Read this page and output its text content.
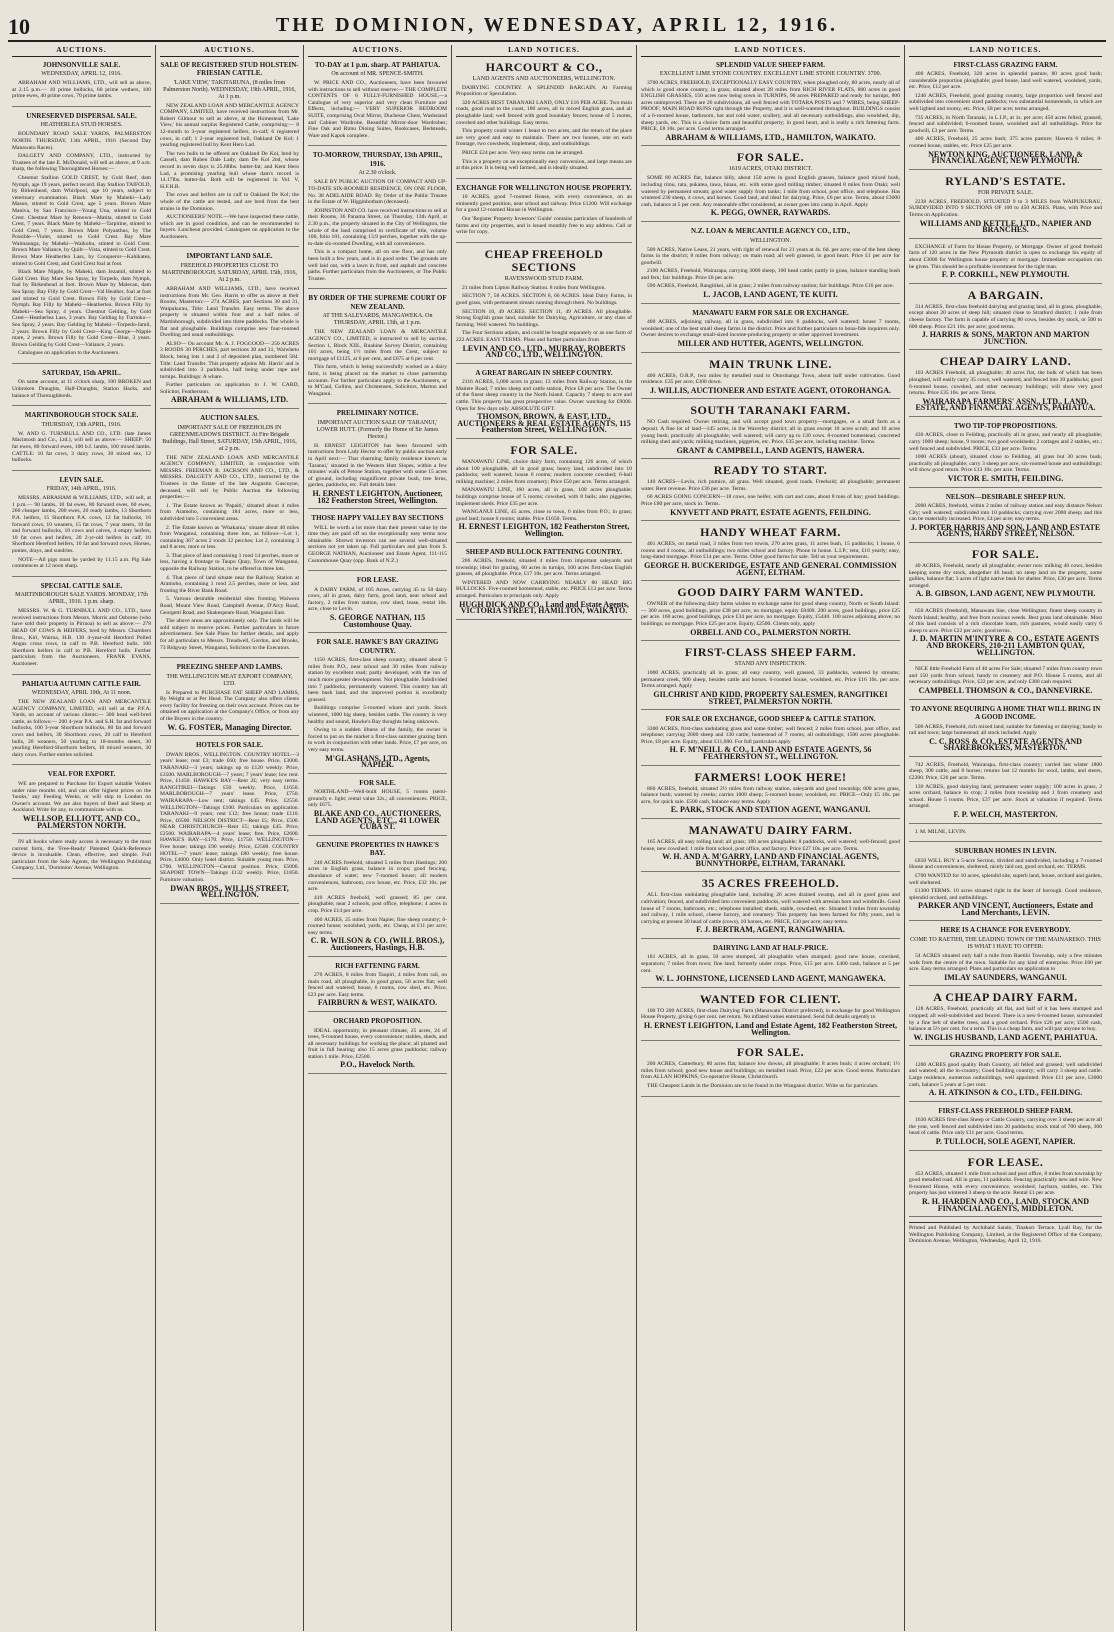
10	THE DOMINION, WEDNESDAY, APRIL 12, 1916.
AUCTIONS.
JOHNSONVILLE SALE.
WEDNESDAY, APRIL 12, 1916.

ABRAHAM AND WILLIAMS, LTD., will sell as above, at 2.15 p.m.— 10 prime bullocks, 60 prime wethers, 100 prime ewes, 40 prime cows, 70 prime lambs.

UNRESERVED DISPERSAL SALE.
HEATHERLEA STUD HORSES.

BOUNDARY ROAD SALE YARDS, PALMERSTON NORTH. THURSDAY, 13th APRIL, 1916 (Second Day Manawatu Races).

DALGETY AND COMPANY, LTD., instructed by Trustees of the late E. McDonald, will sell as above, at 9 a.m. sharp, the following Thoroughbred Horses:—

Chestnut Stallion GOLD CREST, by Gold Reef, dam Nymph, age 19 years, perfect record. Bay Stallion TAIFOLD, by Birkenhead, dam Whirlpool, age 10 years, subject to veterinary examination. Black Mare by Maheki—Lady Mason, stinted to Gold Crest, age 5 years. Brown Mare Maniva, by San Francisco—Young Una, stinted to Gold Crest. Chestnut Mare by Renown—Matita, stinted to Gold Crest, 7 years. Black Mare by Maheki—Tarpitine, stinted to Gold Crest, 7 years. Brown Mare Polyanthus, by The Possible—Violet, stinted to Gold Crest. Bay Mare Waimaunga, by Maheki—Waikohu, stinted to Gold Crest. Brown Mare Valiance, by Quilt—Vista, stinted to Gold Crest. Brown Mare Heatherlea Lass, by Conqueror—Kahikatea, stinted to Gold Crest, and Gold Crest foal at foot.

Black Mare Nipple, by Maheki, dam Jezamil, stinted to Gold Crest. Bay Mare Sea Spray, by Torpedo, dam Nymph, foal by Birkenhead at foot. Brown Mare by Malecan, dam Sea Spray. Bay Filly by Gold Crest—Val Heather, foal at foot and stinted to Gold Crest. Brown Filly by Gold Crest—Nymph. Bay Filly by Maheki—Heatherlea. Brown Filly by Maheki—Sea Spray, 4 years. Chestnut Gelding, by Gold Crest—Heatherlea Lass, 3 years. Bay Gelding by Turitoko—Sea Spray, 2 years. Bay Gelding by Maheki—Torpedo-Jamil, 2 years. Brown Filly by Gold Crest—King George—Nipple mare, 2 years. Brown Filly by Gold Crest—Blue, 3 years. Brown Gelding by Gold Crest—Valiance, 2 years.

Catalogues on application to the Auctioneers.

SATURDAY, 15th APRIL.

On same account, at 11 o'clock sharp, 100 BROKEN and Unbroken Draughts, Half-Draughts, Station Hacks, and balance of Thoroughbreds.

MARTINBOROUGH STOCK SALE.
THURSDAY, 13th APRIL, 1916.

W. AND G. TURNBULL AND CO., LTD. (late James Macintosh and Co., Ltd.), will sell as above:— SHEEP: 50 fat ewes, 80 forward ewes, 100 b.f. lambs, 100 mixed lambs. CATTLE: 10 fat cows, 3 dairy cows, 30 mixed sex, 12 bullocks.

LEVIN SALE.
FRIDAY, 14th APRIL, 1916.

MESSRS. ABRAHAM & WILLIAMS, LTD., will sell, at 1 p.m.— 90 lambs, 10 fat ewes, 80 forward ewes, 60 ewes, 260 cheaper lambs, 200 ewes, 20 ready lambs, 13 Shorthorn P.A. heifers, 15 Shorthorn P.A. cows, 12 fat bullocks, 16 forward cows, 10 weaners, 15 fat cows, 7 year steers, 10 fat and forward bullocks, 10 cows and calves, 4 empty heifers, 10 fat cows and heifers, 20 2-yr-old heifers in calf, 10 Shorthorn Hereford heifers, 10 fat and forward cows, Horses, ponies, drays, and sundries.

NOTE—All pigs must be yarded by 11.15 a.m. Pig Sale commences at 12 noon sharp.

SPECIAL CATTLE SALE.
MARTINBOROUGH SALE YARDS. MONDAY, 17th APRIL, 1916. 1 p.m. sharp.

MESSRS. W. & G. TURNBULL AND CO., LTD., have received instructions from Messrs. Morris and Osborne (who have sold their property in Pirinoa) to sell as above:— 278 HEAD OF COWS & HEIFERS, bred by Messrs. Chambers Bros., Kiri, Wairoa, H.B. 130 4-year-old Hereford Polled Angus cross cows, in calf to P.B. Hereford bulls. 100 Shorthorn heifers in calf to P.B. Hereford bulls. Further particulars from the Auctioneers. FRANK EVANS, Auctioneer.

PAHIATUA AUTUMN CATTLE FAIR.
WEDNESDAY, APRIL 19th, At 11 noon.

THE NEW ZEALAND LOAN AND MERCANTILE AGENCY COMPANY, LIMITED, will sell at the P.F.A. Yards, on account of various clients:— 300 head well-bred cattle, as follows:— 200 4-year P.A. and S.H. fat and forward bullocks, 100 3-year Shorthorn bullocks, 80 fat and forward cows and heifers, 30 Shorthorn cows, 20 calf to Hereford bulls, 20 weaners, 50 yearling to 18-months steers, 30 yearling Hereford-Shorthorn heifers, 10 mixed weaners, 30 dairy cows. Further entries solicited.

VEAL FOR EXPORT.

WE are prepared to Purchase for Export suitable Vealers under nine months old, and can offer highest prices on the 'hooks,' any Feeding Weeks, or will ship to London on Owner's account. We are also buyers of Beef and Sheep at Auckland. Write for any, to communicate with us.

WELLSOP, ELLIOTT, AND CO., PALMERSTON NORTH.

IN all books where ready access is necessary to the most current form, the 'Free-Ready' Patented Quick-Reference device is invaluable. Clean, effective, and simple. Full particulars from the Sole Agents, the Wellington Publishing Company, Ltd., 'Dominion' Avenue, Wellington.

AUCTIONS.
SALE OF REGISTERED STUD HOLSTEIN-FRIESIAN CATTLE.
'LAKE VIEW,' TAKITARUNA, (8 miles from Palmerston North). WEDNESDAY, 19th APRIL, 1916, At 1 p.m.

NEW ZEALAND LOAN AND MERCANTILE AGENCY COMPANY, LIMITED, have received instructions from Mr. Robert Gilmour to sell as above, at the Homestead, 'Lake View,' his annual surplus Registered Cattle, comprising:— 8 12-month to 3-year registered heifers, in-calf; 6 registered cows, in calf; 1 2-year registered bull, Oakland De Kol; 1 yearling registered bull by Kent Hero Lad.

The two bulls to be offered are Oakland De Kol, bred by Cassell, dam Ruben Dale Lady, dam De Kol 2nd, whose record in seven days is 25.68lbs. butter-fat; and Kent Hero Lad, a promising yearling bull whose dam's record is 14.17lbs. butter-fat. Both will be registered in Vol. V, H.F.H.B.

The cows and heifers are in calf to Oakland De Kol; the whole of the cattle are tested, and are bred from the best strains in the Dominion.

AUCTIONEERS' NOTE.—We have inspected these cattle, which are in good condition, and can be recommended to buyers. Luncheon provided. Catalogues on application to the Auctioneers.

IMPORTANT LAND SALE.
FREEHOLD PROPERTIES CLOSE TO MARTINBOROUGH. SATURDAY, APRIL 15th, 1916, At 2 p.m.

ABRAHAM AND WILLIAMS, LTD., have received instructions from Mr. Geo. Harris to offer as above at their Rooms, Masterton:— 274 ACRES, part Sections 30 and 31, Waipukurau, Title: Land Transfer. Easy terms. The above property is situated within four and a half miles of Martinborough, subdivided into three paddocks. The whole is flat and ploughable. Buildings comprise new four-roomed Dwelling and usual outbuildings.

ALSO— On account Mr. A. J. FOGGOOD— 250 ACRES 3 ROODS 30 PERCHES, part sections 30 and 31, Waiwhetu Block, being lots 1 and 2 of deposited plan, numbered 584. Title: Land Transfer. This property adjoins Mr. Harris' and is subdivided into 3 paddocks, half being under rape and turnips. Buildings: A whare.

Further particulars on application to J. W. CARD, Solicitor, Featherston.

ABRAHAM & WILLIAMS, LTD.
AUCTION SALES.
IMPORTANT SALE OF FREEHOLDS IN GREENMEADOWS DISTRICT. At Fire Brigade Buildings, Hall Street, SATURDAY, 15th APRIL, 1916, at 2 p.m.

THE NEW ZEALAND LOAN AND MERCANTILE AGENCY COMPANY, LIMITED, in conjunction with MESSRS. FREEMAN R. JACKSON AND CO., LTD., & MESSRS. DALGETY AND CO., LTD., instructed by the Trustees in the Estate of the late Augustin Gascoyne, deceased, will sell by Public Auction the following properties:—

1. The Estate known as 'Papaiti,' situated about 4 miles from Aramoho, containing 184 acres, more or less, subdivided into 5 convenient areas.

2. The Estate known as 'Whakarua,' situate about 40 miles from Wanganui, containing three lots, as follows—Lot 1, containing 367 acres 2 roods 32 perches; Lot 2, containing 3 and 8 acres, more or less.

3. That piece of land containing 1 rood 14 perches, more or less, having a frontage to Taupo Quay, Town of Wanganui, opposite the Railway Station, to be offered in three lots.

4. That piece of land situate near the Railway Station at Aramoho, containing 1 rood 2.5 perches, more or less, and fronting the River Bank Road.

5. Various desirable residential sites fronting Waiwera Road, Mount View Road, Campbell Avenue, D'Arcy Road, Georgetti Road, and Shakespeare Road, Wanganui East.

The above areas are approximately only. The lands will be sold subject to reserve prices. Further particulars in future advertisement. See Sale Plans for further details, and apply for all particulars to Messrs. Treadwell, Gordon, and Brooks, 73 Ridgway Street, Wanganui, Solicitors to the Executors.

PREEZING SHEEP AND LAMBS.
THE WELLINGTON MEAT EXPORT COMPANY, LTD.

Is Prepared to PURCHASE FAT SHEEP AND LAMBS, By Weight or at Per Head. The Company also offers clients every facility for freezing on their own account. Prices can be obtained on application at the Company's Office, or from any of the Buyers in the country.

W. G. FOSTER, Managing Director.
HOTELS FOR SALE.

DWAN BROS., WELLINGTON. COUNTRY HOTEL—3 years' lease; rent £3; trade £60; free house. Price, £3000. TARANAKI—3 years; takings up to £120 weekly. Price, £3500. MARLBOROUGH—7 years; 7 years' lease; low rent. Price, £1450. HAWKE'S BAY—Rent 2£; very easy terms. RANGITIKEI—Takings £50 weekly. Price, £1650. MARLBOROUGH—7 years' lease. Price, £750. WAIRARAPA—Low rent; takings £45. Price, £2550. WELLINGTON—Takings £100. Particulars on application. TARANAKI—9 years; rent £12; free house; trade £110. Price, £6500. NELSON DISTRICT—Rent £5; Price, £500. NEAR CHRISTCHURCH—Rent £5; takings £45. Price, £2500. WAIRARAPA—4 years' lease; free. Price, £2600. HAWKE'S BAY—£170. Price, £1750. WELLINGTON—Free house; takings £90 weekly. Price, £2500. COUNTRY HOTEL—7 years' lease; takings £80 weekly; free house. Price, £4000. Only hotel district. Suitable young man. Price, £700. WELLINGTON—Central position. Price, £5000. SEAPORT TOWN—Takings £132 weekly. Price, £1850. Furniture valuation.

DWAN BROS., WILLIS STREET, WELLINGTON.
AUCTIONS.
TO-DAY at 1 p.m. sharp. AT PAHIATUA.
On account of MR. SPENCE-SMITH.

W. PRICE AND CO., Auctioneers, have been favoured with instructions to sell without reserve:— THE COMPLETE CONTENTS OF 6 FULLY-FURNISHED HOUSE,—a Catalogue of very superior and very clean Furniture and Effects, including:— VERY SUPERIOR BEDROOM SUITE, comprising Oval Mirror, Duchesse Chest, Washstand and Cabinet Wardrobe, Beautiful Mirror-door Wardrobes; Fine Oak and Rimu Dining Suites, Bookcases, Bedsteads, Ware and Kapok complete.

TO-MORROW, THURSDAY, 13th APRIL, 1916.
At 2.30 o'clock.

SALE BY PUBLIC AUCTION OF COMPACT AND UP-TO-DATE SIX-ROOMED RESIDENCE, ON ONE FLOOR, No. 38 ADELAIDE ROAD. By Order of the Public Trustee in the Estate of W. Higginbotham (deceased).

JOHNSTON AND CO. have received instructions to sell at their Rooms, 36 Panama Street, on Thursday, 13th April, at 2.30 p.m., the property situated in the City of Wellington, the whole of the land comprised in certificate of title, volume 100, folio 101, containing 13.9 perches, together with the up-to-date six-roomed Dwelling, with all conveniences.

This is a compact home, all on one floor, and has only been built a few years, and is in good order. The grounds are well laid out, with a lawn in front, and asphalt and concrete paths. Further particulars from the Auctioneers, or The Public Trustee.

BY ORDER OF THE SUPREME COURT OF NEW ZEALAND.
AT THE SALEYARDS, MANGAWEKA. On THURSDAY, APRIL 13th, at 1 p.m.

THE NEW ZEALAND LOAN & MERCANTILE AGENCY CO., LIMITED, is instructed to sell by auction, Section 1, Block XIII., Ruahine Survey District, containing 101 acres, being 1½ miles from the Crest, subject to mortgage of £1125, at 6 per cent, and £675 at 6 per cent.

This farm, which is being successfully worked as a dairy farm, is being placed on the market to close partnership accounts. For further particulars apply to the Auctioneers, or to M'Caul, Collins, and Christensen, Solicitors, Marton and Wanganui.

PRELIMINARY NOTICE.
IMPORTANT AUCTION SALE OF 'TARANUI,' LOWER HUTT. (Formerly the Home of Sir James Hector.)

H. ERNEST LEIGHTON has been favoured with instructions from Lady Hector to offer by public auction early in April next:— That charming family residence known as 'Taranui,' situated in the Western Hutt Slopes, within a few minutes' walk of Petone Station, together with some 15 acres of ground, including magnificent private bush, tree ferns, garden, paddocks, etc. Full details later.

H. ERNEST LEIGHTON, Auctioneer, 182 Featherston Street, Wellington.
THOSE HAPPY VALLEY BAY SECTIONS

WILL be worth a lot more than their present value by the time they are paid off on the exceptionally easy terms now obtainable. Shrewd investors can see several well-situated sections not yet taken up. Full particulars and plan from S. GEORGE NATHAN, Auctioneer and Estate Agent, 111-115 Customhouse Quay (opp. Bank of N.Z.)

FOR LEASE.

A DAIRY FARM, of 105 Acres, carrying 45 to 50 dairy cows, all in grass, dairy farm, good land, near school and factory, 2 miles from station, cow shed, lease, rental 10s. acre, close to Levin.

S. GEORGE NATHAN, 115 Customhouse Quay.
FOR SALE. HAWKE'S BAY GRAZING COUNTRY.

1150 ACRES, first-class sheep country, situated about 5 miles from P.O., near school and 30 miles from railway station by excellent road; partly developed, with the run of much more greater development. Not ploughable. Subdivided into 7 paddocks, permanently watered. This country has all been bush land, and the improved portion is excellently grassed.

Buildings comprise 5-roomed whare and yards. Stock wintered, 1000 big sheep, besides cattle. The country is very healthy and sound, Hawke's Bay thoughts being unknown.

Owing to a sudden illness of the family, the owner is forced to put on the market a first-class summer grazing farm to work in conjunction with other lands. Price, £7 per acre, on very easy terms.

M'GLASHANS, LTD., Agents, NAPIER.
FOR SALE.

NORTHLAND—Well-built HOUSE, 5 rooms (semi-ground); e. light; rental value 32s.; all conveniences. PRICE, only £675.

BLAKE AND CO., AUCTIONEERS, LAND AGENTS, ETC., 41 LOWER CUBA ST.
GENUINE PROPERTIES IN HAWKE'S BAY.

240 ACRES freehold, situated 5 miles from Hastings; 200 acres in English grass, balance in crops; good fencing, abundance of water; new 7-roomed house; all modern conveniences, bathroom, cow house, etc. Price, £32 10s. per acre.

410 ACRES freehold, well grassed; 85 per cent. ploughable; near 2 schools, post office, telephone; 4 acres in crop. Price £14 per acre.

400 ACRES, 25 miles from Napier, fine sheep country; 6-roomed house; woolshed, yards, etc. Cheap, at £11 per acre; easy terms.

C. R. WILSON & CO. (WILL BROS.), Auctioneers, Hastings, H.B.
RICH FATTENING FARM.

270 ACRES, 8 miles from Taupiri, 4 miles from rail, on main road, all ploughable, in good grass, 50 acres flat; well fenced and watered; house, 6 rooms, cow shed, etc. Price, £23 per acre. Easy terms.

FAIRBURN & WEST, WAIKATO.
ORCHARD PROPOSITION.

IDEAL opportunity, in pleasant climate, 25 acres, 24 of trees, 9-roomed house, every convenience; stables, sheds, and all necessary buildings for working the place; all planted and fruit in full bearing; also 15 acres grass paddocks; railway station 1 mile. Price, £2500.

P.O., Havelock North.
LAND NOTICES.
HARCOURT & CO.,
LAND AGENTS AND AUCTIONEERS, WELLINGTON.

DAIRYING COUNTRY. A SPLENDID BARGAIN. At Farming Proposition or Speculation.

320 ACRES BEST TARANAKI LAND, ONLY £16 PER ACRE. Two main roads, good road to the coast, 180 acres, all in mixed English grass, and all ploughable land; well fenced with good boundary fences; house of 5 rooms, cowshed and other buildings. Easy terms.

This property could winter 1 beast to two acres, and the return of the place are very good and easy to maintain. There are two houses, one on each frontage, two cowsheds, implement, shop, and outbuildings.

PRICE £24 per acre. Very easy terms can be arranged.

This is a property on an exceptionally easy conversion, and large means are at this price. It is being well farmed, and is ideally situated.

EXCHANGE FOR WELLINGTON HOUSE PROPERTY.

10 ACRES, good 7-roomed House, with every convenience, on an eminently good position, near school and railway. Price £1200. Will exchange for a good 12-roomed House in Wellington.

Our 'Register Property Investors' Guide' contains particulars of hundreds of farms and city properties, and is issued monthly free to any address. Call or write for copy.

CHEAP FREEHOLD SECTIONS
RAVENSWOOD STUD FARM.

21 miles from Lipton Railway Station. 8 miles from Wellington.

SECTION 7, 58 ACRES. SECTION 8, 66 ACRES. Ideal Dairy Farms, in good grass, with permanent stream running through them. No buildings.

SECTION 10, 49 ACRES. SECTION 11, 49 ACRES. All ploughable. Strong English grass land, suitable for Dairying, Agriculture, or any class of farming. Well watered. No buildings.

The Four Sections adjoin, and could be bought separately or as one farm of 222 ACRES. EASY TERMS. Plans and further particulars from

LEVIN AND CO., LTD., MURRAY, ROBERTS AND CO., LTD., WELLINGTON.
A GREAT BARGAIN IN SHEEP COUNTRY.

2116 ACRES, 5,000 acres in grass; 13 miles from Railway Station, in the Matiere Road, 7 miles sheep and cattle station, Price £8 per acre. The Owner of the finest sheep country in the North Island. Capacity 7 sheep to acre and cattle. This property has great prospective value. Owner watching for £9000. Open for few days only. ABSOLUTE GIFT.

THOMSON, BROWN, & EAST, LTD., AUCTIONEERS & REAL ESTATE AGENTS, 115 Featherston Street, WELLINGTON.
FOR SALE.

MANAWATU LINE, choice dairy farm, containing 126 acres, of which about 100 ploughable, all in good grass; heavy land, subdivided into 10 paddocks; well watered; house 6 rooms; modern concrete cowshed; 6-bail milking machine; 2 miles from creamery; Price £50 per acre. Terms arranged.

MANAWATU LINE, 160 acres, all in grass, 100 acres ploughable; buildings comprise house of 5 rooms; cowshed, with 8 bails; also piggeries, implement sheds. Price £35 per acre.

WANGANUI LINE, 45 acres, close to town, 6 miles from P.O.; in grass; good land; house 6 rooms; stable. Price £1650. Terms.

H. ERNEST LEIGHTON, 182 Featherston Street, Wellington.
SHEEP AND BULLOCK FATTENING COUNTRY.

206 ACRES, freehold, situated 4 miles from important saleyards and township; ideal for grazing, 60 acres in turnips, 100 acres first-class English grasses, all ploughable. Price, £17 10s. per acre. Terms arranged.

WINTERED AND NOW CARRYING NEARLY 80 HEAD BIG BULLOCKS. Five-roomed homestead, stable, etc. PRICE £13 per acre. Terms arranged. Particulars to principals only. Apply

HUGH DICK AND CO., Land and Estate Agents, VICTORIA STREET, HAMILTON, WAIKATO.
LAND NOTICES.
SPLENDID VALUE SHEEP FARM.
EXCELLENT LIME STONE COUNTRY. EXCELLENT LIME STONE COUNTRY. 3700.

3700 ACRES, FREEHOLD, EXCEPTIONALLY EASY COUNTRY, when ploughed only, 80 acres, nearly all of which is good stone country, in grass; situated about 28 miles from RICH RIVER FLATS, 800 acres in good ENGLISH GRASSES, 150 acres now being sown in TURNIPS, 90 acres PREPARED and ready for turnips, 800 acres unimproved. There are 26 subdivisions, all well fenced with TOTARA POSTS and 7 WIRES, being SHEEP-PROOF; MAIN ROAD RUNS right through the Property, and it is well-watered throughout. BUILDINGS consist of a 6-roomed house, bathroom, hot and cold water, scullery, and all necessary outbuildings, also woolshed, dip, sheep yards, etc. This is a choice farm and beautiful property; in good heart, and is really a rich fattening farm. PRICE, £8 10s. per acre. Good terms arranged.

ABRAHAM & WILLIAMS, LTD., HAMILTON, WAIKATO.
FOR SALE.
1619 ACRES, OTAKI DISTRICT.

SOME 80 ACRES flat, balance hilly, about 150 acres in good English grasses, balance good mixed bush, including rimu, rata, pukatea, tawa, hinau, etc. with some good milling timber; situated 8 miles from Otaki; well watered by permanent stream; good water supply from tanks; 1 mile from school, post office, and telephone. Has wintered 230 sheep, 4 cows, and horses. Good land, and ideal for dairying. Price, £6 per acre. Terms, about £3000 cash, balance at 5 per cent. Any reasonable offer considered, as owner goes into camp in April. Apply

K. PEGG, OWNER, RAYWARDS.
N.Z. LOAN & MERCANTILE AGENCY CO., LTD.,
WELLINGTON.

500 ACRES, Native Lease, 21 years, with right of renewal for 21 years at 4s. 6d. per acre; one of the best sheep farms in the district; 8 miles from railway; on main road; all well grassed, in good heart. Price £1 per acre for goodwill.

2100 ACRES, Freehold, Wairarapa, carrying 3000 sheep, 100 head cattle; partly in grass, balance standing bush and fern; fair buildings. Price £8 per acre.

590 ACRES, Freehold, Rangitikei, all in grass; 2 miles from railway station; fair buildings. Price £16 per acre.

L. JACOB, LAND AGENT, TE KUITI.
MANAWATU FARM FOR SALE OR EXCHANGE.

400 ACRES, adjoining railway, all in grass, subdivided into 6 paddocks, well watered; house 7 rooms, woolshed; one of the best small sheep farms in the district. Price and further particulars to bona-fide inquirers only. Owner desires to exchange small-sized income-producing property or other approved investment.

MILLER AND HUTTER, AGENTS, WELLINGTON.
MAIN TRUNK LINE.

400 ACRES, O.R.P., two miles by metalled road to Otorohanga Town, about half under cultivation. Good residence. £35 per acre; £300 down.

J. WILLIS, AUCTIONEER AND ESTATE AGENT, OTOROHANGA.
SOUTH TARANAKI FARM.

NO Cash required. Owner retiring, and will accept good town property—mortgages, or a small farm as a deposit. A fine lot of land—145 acres, in the Waverley district; all in grass except 10 acres scrub; and 10 acres young bush; practically all ploughable; well watered; will carry up to 130 cows. 8-roomed homestead, concreted milking shed and yards; milking machines, piggeries, etc. Price, £35 per acre, including machine. Terms.

GRANT & CAMPBELL, LAND AGENTS, HAWERA.
READY TO START.

140 ACRES—Levin, rich pumice, all grass. Well situated, good roads. Freehold; all ploughable; permanent water. Rent revenue. Price £36 per acre. Terms.

60 ACRES GOING CONCERN—18 cows, one heifer, with cart and cans, about 8 tons of hay; good buildings. Price £80 per acre, stock in. Terms.

KNYVETT AND PRATT, ESTATE AGENTS, FEILDING.
HANDY WHEAT FARM.

401 ACRES, on metal road, 3 miles from two towns, 270 acres grass, 11 acres bush, 15 paddocks; 1 house, 6 rooms and 4 rooms, all outbuildings; two miles school and factory. Phone in house. L.I.P.; rent, £16 yearly; easy, long-dated mortgage. Price £14 per acre. Terms. Other good farms for sale. Tell us your requirements.

GEORGE H. BUCKERIDGE, ESTATE AND GENERAL COMMISSION AGENT, ELTHAM.
GOOD DAIRY FARM WANTED.

OWNER of the following dairy farms wishes to exchange same for good sheep country, North or South Island:— 360 acres, good buildings, price £38 per acre, no mortgage, equity £8400. 200 acres, good buildings, price £25 per acre. 160 acres, good buildings, price £34 per acre, no mortgage. Equity, £5440. 100 acres adjoining above; no buildings; no mortgage. Price £25 per acre. Equity, £2500. Clients only, apply

ORBELL AND CO., PALMERSTON NORTH.
FIRST-CLASS SHEEP FARM.
STAND ANY INSPECTION.

1000 ACRES, practically all in grass; all easy country, well grassed, 33 paddocks, watered by streams; permanent creek, 900 sheep, besides cattle and horses. 6-roomed house, woolshed, etc. Price £16 10s. per acre. Terms arranged. Apply

GILCHRIST AND KIDD, PROPERTY SALESMEN, RANGITIKEI STREET, PALMERSTON NORTH.
FOR SALE OR EXCHANGE, GOOD SHEEP & CATTLE STATION.

3300 ACRES, first-class undulating grass and some timber; well fenced; 2 miles from school, post office, and telephone; carrying 2600 sheep and 130 cattle; homestead of 7 rooms; all outbuildings; 1500 acres ploughable. Price, £8 per acre. Equity, about £11,000. For full particulars apply

H. F. M'NEILL & CO., LAND AND ESTATE AGENTS, 56 FEATHERSTON ST., WELLINGTON.
FARMERS! LOOK HERE!

860 ACRES, freehold, situated 2½ miles from railway station, saleyards and good township; 600 acres grass, balance bush; watered by creeks; carries 1000 sheep; 5-roomed house; woolshed, etc. PRICE—Only £5 10s. per acre, for quick sale. £500 cash, balance easy terms. Apply

E. PARK, STOCK AND STATION AGENT, WANGANUI.
MANAWATU DAIRY FARM.

165 ACRES, all easy rolling land; all grass; 180 acres ploughable; 8 paddocks, well watered; well-fenced; good house, new cowshed; 1 mile from school, post office, and factory. Price £27 10s. per acre. Terms.

W. H. AND A. M'GARRY, LAND AND FINANCIAL AGENTS, BUNNYTHORPE, ELTHAM, TARANAKI.
35 ACRES FREEHOLD.

ALL first-class undulating ploughable land, including 26 acres drained swamp, and all in good grass and cultivation; fenced, and subdivided into convenient paddocks, well watered with artesian bore and windmills. Good house of 7 rooms, bathroom, etc.; telephone installed; sheds, stable, cowshed, etc. Situated 3 miles from township and railway, 1 mile school, cheese factory, and creamery. This property has been farmed for fifty years, and is carrying at present 30 head of cattle (cows), 10 horses, etc. PRICE, £30 per acre; easy terms.

F. J. BERTRAM, AGENT, RANGIWAHIA.
DAIRYING LAND AT HALF-PRICE.

181 ACRES, all in grass, 50 acres stumped, all ploughable when stumped; good new house, cowshed, separators; 7 miles from town; fine land; formerly under crops. Price, £15 per acre. £400 cash, balance at 5 per cent.

W. L. JOHNSTONE, LICENSED LAND AGENT, MANGAWEKA.
WANTED FOR CLIENT.

100 TO 200 ACRES, first-class Dairying Farm (Manawatu District preferred), in exchange for good Wellington House Property, giving 6 per cent. net return. No inflated values entertained. Send full details urgently to

H. ERNEST LEIGHTON, Land and Estate Agent, 182 Featherston Street, Wellington.
FOR SALE.

200 ACRES, Canterbury, 80 acres flat, balance low downs, all ploughable; 8 acres bush; 4 acres orchard; 1½ miles from school; good new house and buildings; on metalled road. Price, £22 per acre. Good terms. Particulars from ALLAN HOPKINS, Co-operative House, Christchurch.

THE Cheapest Lands in the Dominion are to be found in the Wanganui district. Write us for particulars.

LAND NOTICES.
FIRST-CLASS GRAZING FARM.

400 ACRES, Freehold, 320 acres in splendid pasture, 80 acres good bush; considerable proportion ploughable; good house, land well watered, woolshed, yards, etc. Price, £12 per acre.

1246 ACRES, Freehold, good grazing country, large proportion well fenced and subdivided into convenient sized paddocks; two substantial homesteads, in which are well lighted and roomy, etc. Price, £8 per acre; terms arranged.

735 ACRES, in North Taranaki, in L.I.P., at 1s. per acre; 450 acres felled, grassed, fenced and subdivided; 6-roomed house, woolshed and all outbuildings. Price for goodwill, £3 per acre. Terms.

400 ACRES, Freehold, 25 acres bush; 375 acres pasture; Hawera 6 miles; 8-roomed house, stables, etc. Price £25 per acre.

NEWTON KING, AUCTIONEER, LAND, & FINANCIAL AGENT, NEW PLYMOUTH.
RYLAND'S ESTATE.
FOR PRIVATE SALE.

2238 ACRES, FREEHOLD, SITUATED 9 to 3 MILES from WAIPUKURAU, SUBDIVIDED INTO 9 SECTIONS OF 100 to 450 ACRES. Plans, with Price and Terms on Application.

WILLIAMS AND KETTLE, LTD., NAPIER AND BRANCHES.

EXCHANGE of Farm for House Property, or Mortgage. Owner of good freehold farm of 120 acres in the New Plymouth district is open to exchange his equity of about £3000 for Wellington house property or mortgage. Immediate occupation can be given. This should be a profitable investment for the right man.

F. P. CORKILL, NEW PLYMOUTH.
A BARGAIN.

314 ACRES, first-class freehold dairying and grazing land, all in grass, ploughable, except about 20 acres of steep hill; situated close to Stratford district; 1 mile from cheese factory. The farm is capable of carrying 80 cows, besides dry stock, or 500 to 600 sheep. Price £21 10s. per acre; good terms.

J. HARRIS & SONS, MARTON AND MARTON JUNCTION.
CHEAP DAIRY LAND.

103 ACRES Freehold, all ploughable; 40 acres flat, the bulk of which has been ploughed, will easily carry 35 cows; well watered, and fenced into 10 paddocks; good 6-roomed house, cowshed, and other necessary buildings; will show very good returns. Price £35 10s. per acre. Terms.

WAIRARAPA FARMERS' ASSN., LTD., LAND, ESTATE, AND FINANCIAL AGENTS, PAHIATUA.
TWO TIP-TOP PROPOSITIONS.

430 ACRES, close to Feilding, practically all in grass, and nearly all ploughable; carry 1000 sheep; house, 9 rooms; two good woolsheds; 2 cottages and 2 stables, etc.; well fenced and subdivided. PRICE, £33 per acre. Terms.

1000 ACRES (about), situated close to Feilding, all grass but 30 acres bush, practically all ploughable; carry 3 sheep per acre, six-roomed house and outbuildings; will show good return. Price £13 10s. per acre. Terms.

VICTOR E. SMITH, FEILDING.
NELSON—DESIRABLE SHEEP RUN.

2000 ACRES, freehold, within 2 miles of railway station and easy distance Nelson City; well watered; subdivided into 10 paddocks; carrying over 2000 sheep; and this can be materially increased. Price, £4 per acre; easy terms.

J. PORTER HARRIS AND SON, LAND AND ESTATE AGENTS, HARDY STREET, NELSON.
FOR SALE.

40 ACRES, Freehold, nearly all ploughable; owner now milking 40 cows, besides keeping some dry stock, altogether 46 head; no steep land on the property, some gullies, balance flat; 3 acres of light native bush for shelter. Price, £30 per acre. Terms arranged.

A. B. GIBSON, LAND AGENT, NEW PLYMOUTH.

650 ACRES (freehold), Manawatu line, close Wellington; finest sheep country in North Island; healthy, and free from noxious weeds. Best grass land obtainable. Most of this land consists of a rich chocolate loam, rich pastures, would easily carry 6 sheep to acre. Price £22 per acre; good terms.

J. D. MARTIN M'INTYRE & CO., ESTATE AGENTS AND BROKERS, 210-211 LAMBTON QUAY, WELLINGTON.

NICE little Freehold Farm of 40 acres For Sale; situated 7 miles from country town and 150 yards from school; handy to creamery and P.O. House 5 rooms, and all necessary outbuildings. Price, £22 per acre, and only £380 cash required.

CAMPBELL THOMSON & CO., DANNEVIRKE.
TO ANYONE REQUIRING A HOME THAT WILL BRING IN A GOOD INCOME.

500 ACRES, Freehold, rich mixed land, suitable for fattening or dairying; handy to rail and town; large homestead; all stock included. Apply

C. C. ROSS & CO., ESTATE AGENTS AND SHAREBROKERS, MASTERTON.

742 ACRES, Freehold, Wairarapa, first-class country; carried last winter 1800 sheep, 300 cattle, and 8 horses; returns last 12 months for wool, lambs, and steers, £2200. Price, £26 per acre. Terms.

130 ACRES, good dairying land, permanent water supply; 100 acres in grass, 2 acres orchard, balance in crop; 2 miles from township and 1 from creamery and school. House 5 rooms. Price, £37 per acre. Stock at valuation if required. Terms arranged.

F. P. WELCH, MASTERTON.

J. M. MILNE, LEVIN.

SUBURBAN HOMES IN LEVIN.

£850 WILL BUY a 5-acre Section, divided and subdivided, including a 7-roomed House and conveniences, sheltered, nicely laid out, good orchard, etc. TERMS.

£700 WANTED for 10 acres, splendid site, superb land, house, orchard and garden, well sheltered.

£1300 TERMS. 10 acres situated right in the heart of borough. Good residence, splendid orchard, and outbuildings.

PARKER AND VINCENT, Auctioneers, Estate and Land Merchants, LEVIN.
HERE IS A CHANCE FOR EVERYBODY.
COME TO RAETIHI, THE LEADING TOWN OF THE MAINAREKO. THIS IS WHAT I HAVE TO OFFER:

54 ACRES situated only half a mile from Raetihi Township, only a few minutes walk from the centre of the town. Suitable for any kind of enterprise. Price £60 per acre. Easy terms arranged. Plans and particulars on application to

IMLAY SAUNDERS, WANGANUI.
A CHEAP DAIRY FARM.

128 ACRES, Freehold, practically all flat, and half of it has been stumped and cropped; all well-subdivided and fenced. There is a new 6-roomed house, surrounded by a fine belt of shelter trees, and a good orchard. Price £26 per acre; £500 cash, balance at 5½ per cent. for a term. This is a cheap farm, and will pay anyone to buy.

W. INGLIS HUSBAND, LAND AGENT, PAHIATUA.
GRAZING PROPERTY FOR SALE.

1200 ACRES good quality Bush Country, all felled and grassed; well subdivided and watered; all the in-country; Good building country; will carry 3 sheep and cattle. Large residence, numerous outbuildings, well appointed. Price £11 per acre, £3000 cash, balance 5 years at 5 per cent.

A. H. ATKINSON & CO., LTD., FEILDING.
FIRST-CLASS FREEHOLD SHEEP FARM.

1630 ACRES first-class Sheep or Cattle Country, carrying over 3 sheep per acre all the year, well fenced and subdivided into 20 paddocks; stock total of 700 sheep, 300 head of cattle. Price only £11 per acre. Good terms.

P. TULLOCH, SOLE AGENT, NAPIER.
FOR LEASE.

453 ACRES, situated 1 mile from school and post office, 8 miles from township by good metalled road. All in grass, 11 paddocks. Fencing practically new and wire. New 8-roomed House, with every convenience, woolshed, haybarn, stables, etc. This property has just wintered 3 sheep to the acre. Rental £1 per acre.

R. H. HARDEN AND CO., LAND, STOCK AND FINANCIAL AGENTS, MIDDLETON.
Printed and Published by Archibald Sando, Tinakori Terrace, Lyall Bay, for the Wellington Publishing Company, Limited, at the Registered Office of the Company, Dominion Avenue, Wellington, Wednesday, April 12, 1916.
